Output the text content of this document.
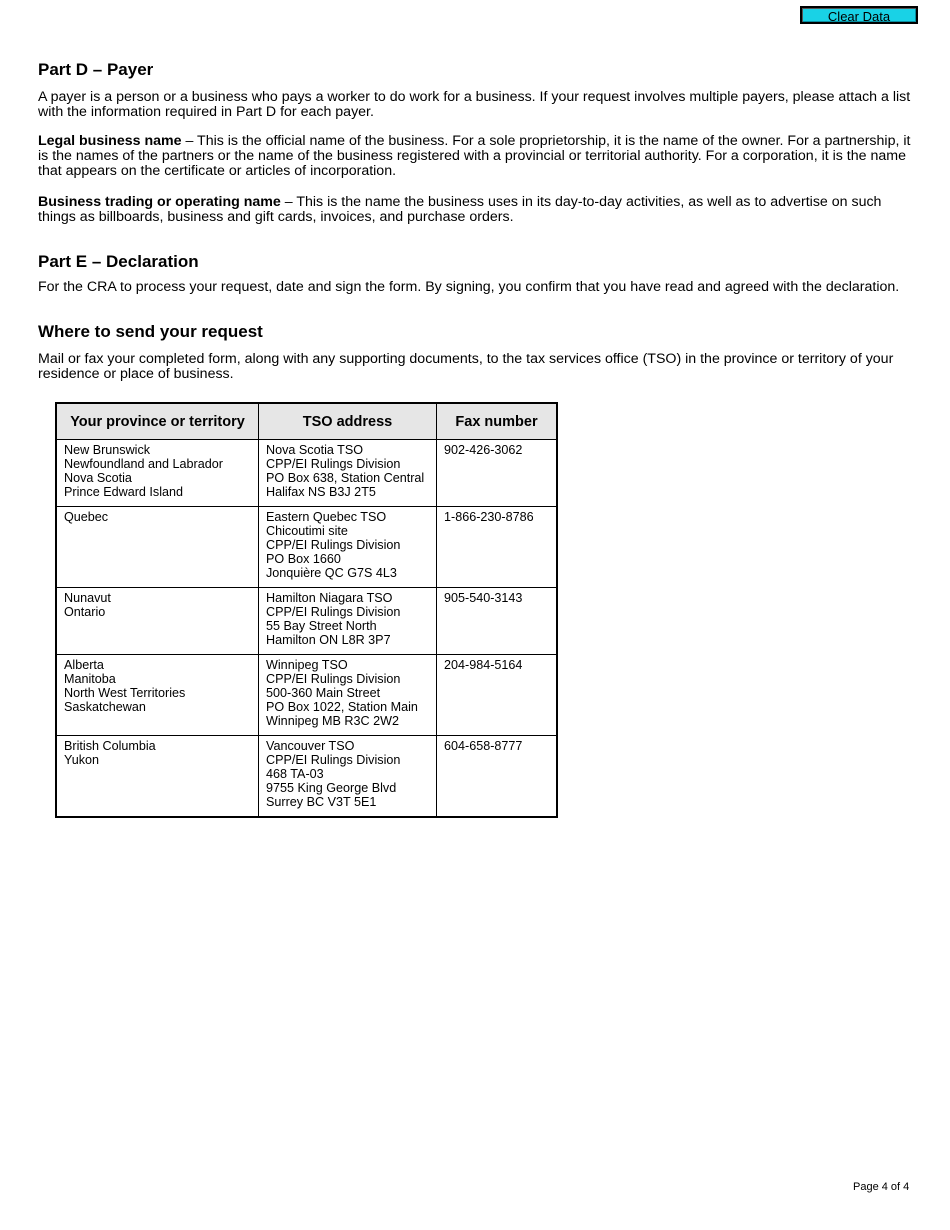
Clear Data
Part D – Payer

A payer is a person or a business who pays a worker to do work for a business. If your request involves multiple payers, please attach a list with the information required in Part D for each payer.

Legal business name – This is the official name of the business. For a sole proprietorship, it is the name of the owner. For a partnership, it is the names of the partners or the name of the business registered with a provincial or territorial authority. For a corporation, it is the name that appears on the certificate or articles of incorporation.

Business trading or operating name – This is the name the business uses in its day-to-day activities, as well as to advertise on such things as billboards, business and gift cards, invoices, and purchase orders.

Part E – Declaration

For the CRA to process your request, date and sign the form. By signing, you confirm that you have read and agreed with the declaration.

Where to send your request

Mail or fax your completed form, along with any supporting documents, to the tax services office (TSO) in the province or territory of your residence or place of business.

Your province or territory	TSO address	Fax number

New Brunswick
Newfoundland and Labrador
Nova Scotia
Prince Edward Island	Nova Scotia TSO
CPP/EI Rulings Division
PO Box 638, Station Central
Halifax NS B3J 2T5	902-426-3062

Quebec	Eastern Quebec TSO
Chicoutimi site
CPP/EI Rulings Division
PO Box 1660
Jonquière QC G7S 4L3	1-866-230-8786

Nunavut
Ontario	Hamilton Niagara TSO
CPP/EI Rulings Division
55 Bay Street North
Hamilton ON L8R 3P7	905-540-3143

Alberta
Manitoba
North West Territories
Saskatchewan	Winnipeg TSO
CPP/EI Rulings Division
500-360 Main Street
PO Box 1022, Station Main
Winnipeg MB R3C 2W2	204-984-5164

British Columbia
Yukon	Vancouver TSO
CPP/EI Rulings Division
468 TA-03
9755 King George Blvd
Surrey BC V3T 5E1	604-658-8777
Page 4 of 4
